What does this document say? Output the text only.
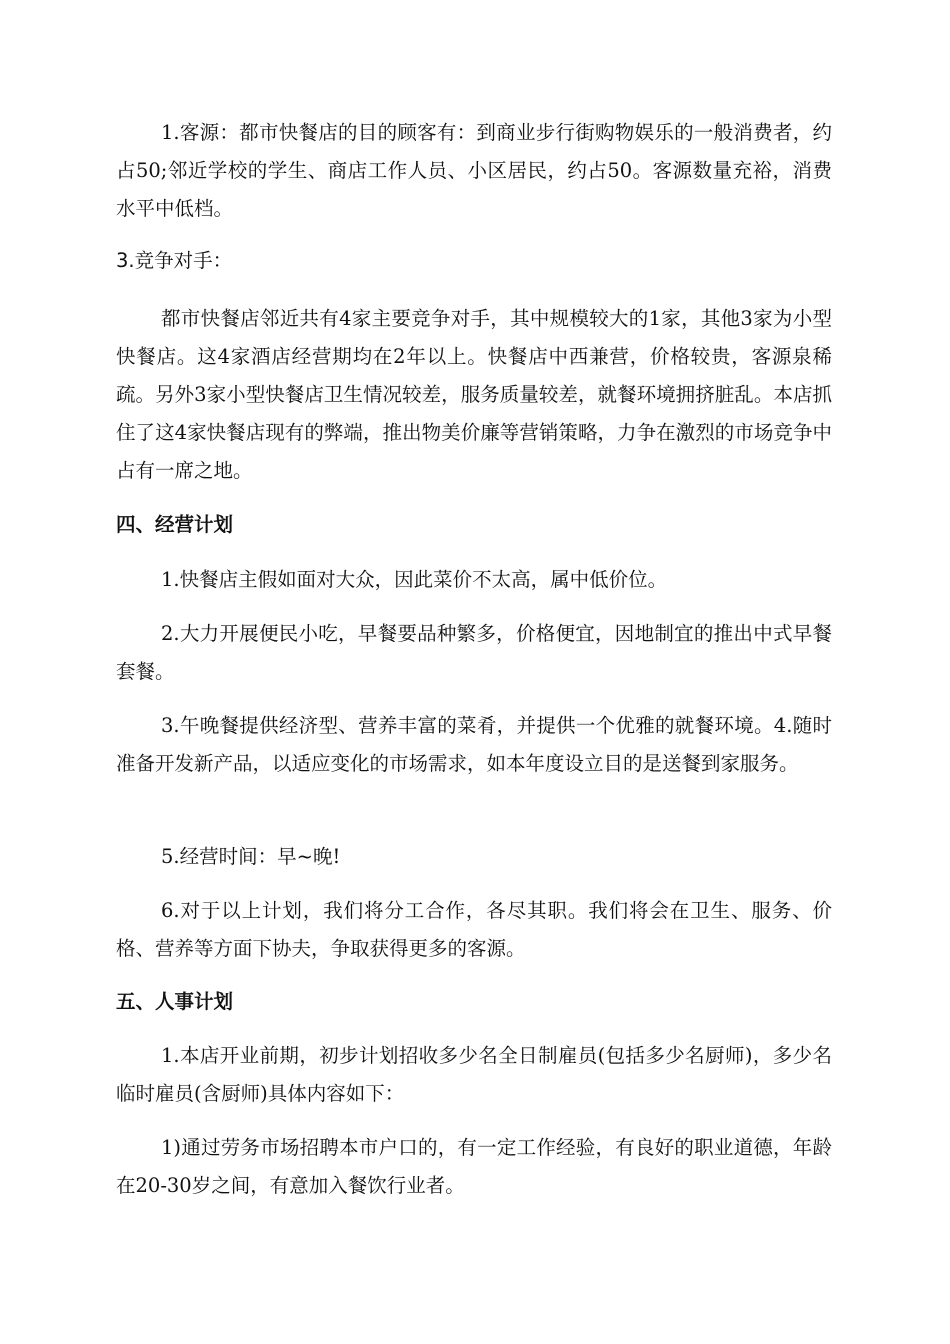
1.客源：都市快餐店的目的顾客有：到商业步行街购物娱乐的一般消费者，约占50;邻近学校的学生、商店工作人员、小区居民，约占50。客源数量充裕，消费水平中低档。

3.竞争对手：

都市快餐店邻近共有4家主要竞争对手，其中规模较大的1家，其他3家为小型快餐店。这4家酒店经营期均在2年以上。快餐店中西兼营，价格较贵，客源泉稀疏。另外3家小型快餐店卫生情况较差，服务质量较差，就餐环境拥挤脏乱。本店抓住了这4家快餐店现有的弊端，推出物美价廉等营销策略，力争在激烈的市场竞争中占有一席之地。

四、经营计划

1.快餐店主假如面对大众，因此菜价不太高，属中低价位。

2.大力开展便民小吃，早餐要品种繁多，价格便宜，因地制宜的推出中式早餐套餐。

3.午晚餐提供经济型、营养丰富的菜肴，并提供一个优雅的就餐环境。4.随时准备开发新产品，以适应变化的市场需求，如本年度设立目的是送餐到家服务。

5.经营时间：早~晚!

6.对于以上计划，我们将分工合作，各尽其职。我们将会在卫生、服务、价格、营养等方面下协夫，争取获得更多的客源。

五、人事计划

1.本店开业前期，初步计划招收多少名全日制雇员(包括多少名厨师)，多少名临时雇员(含厨师)具体内容如下：

1)通过劳务市场招聘本市户口的，有一定工作经验，有良好的职业道德，年龄在20-30岁之间，有意加入餐饮行业者。
